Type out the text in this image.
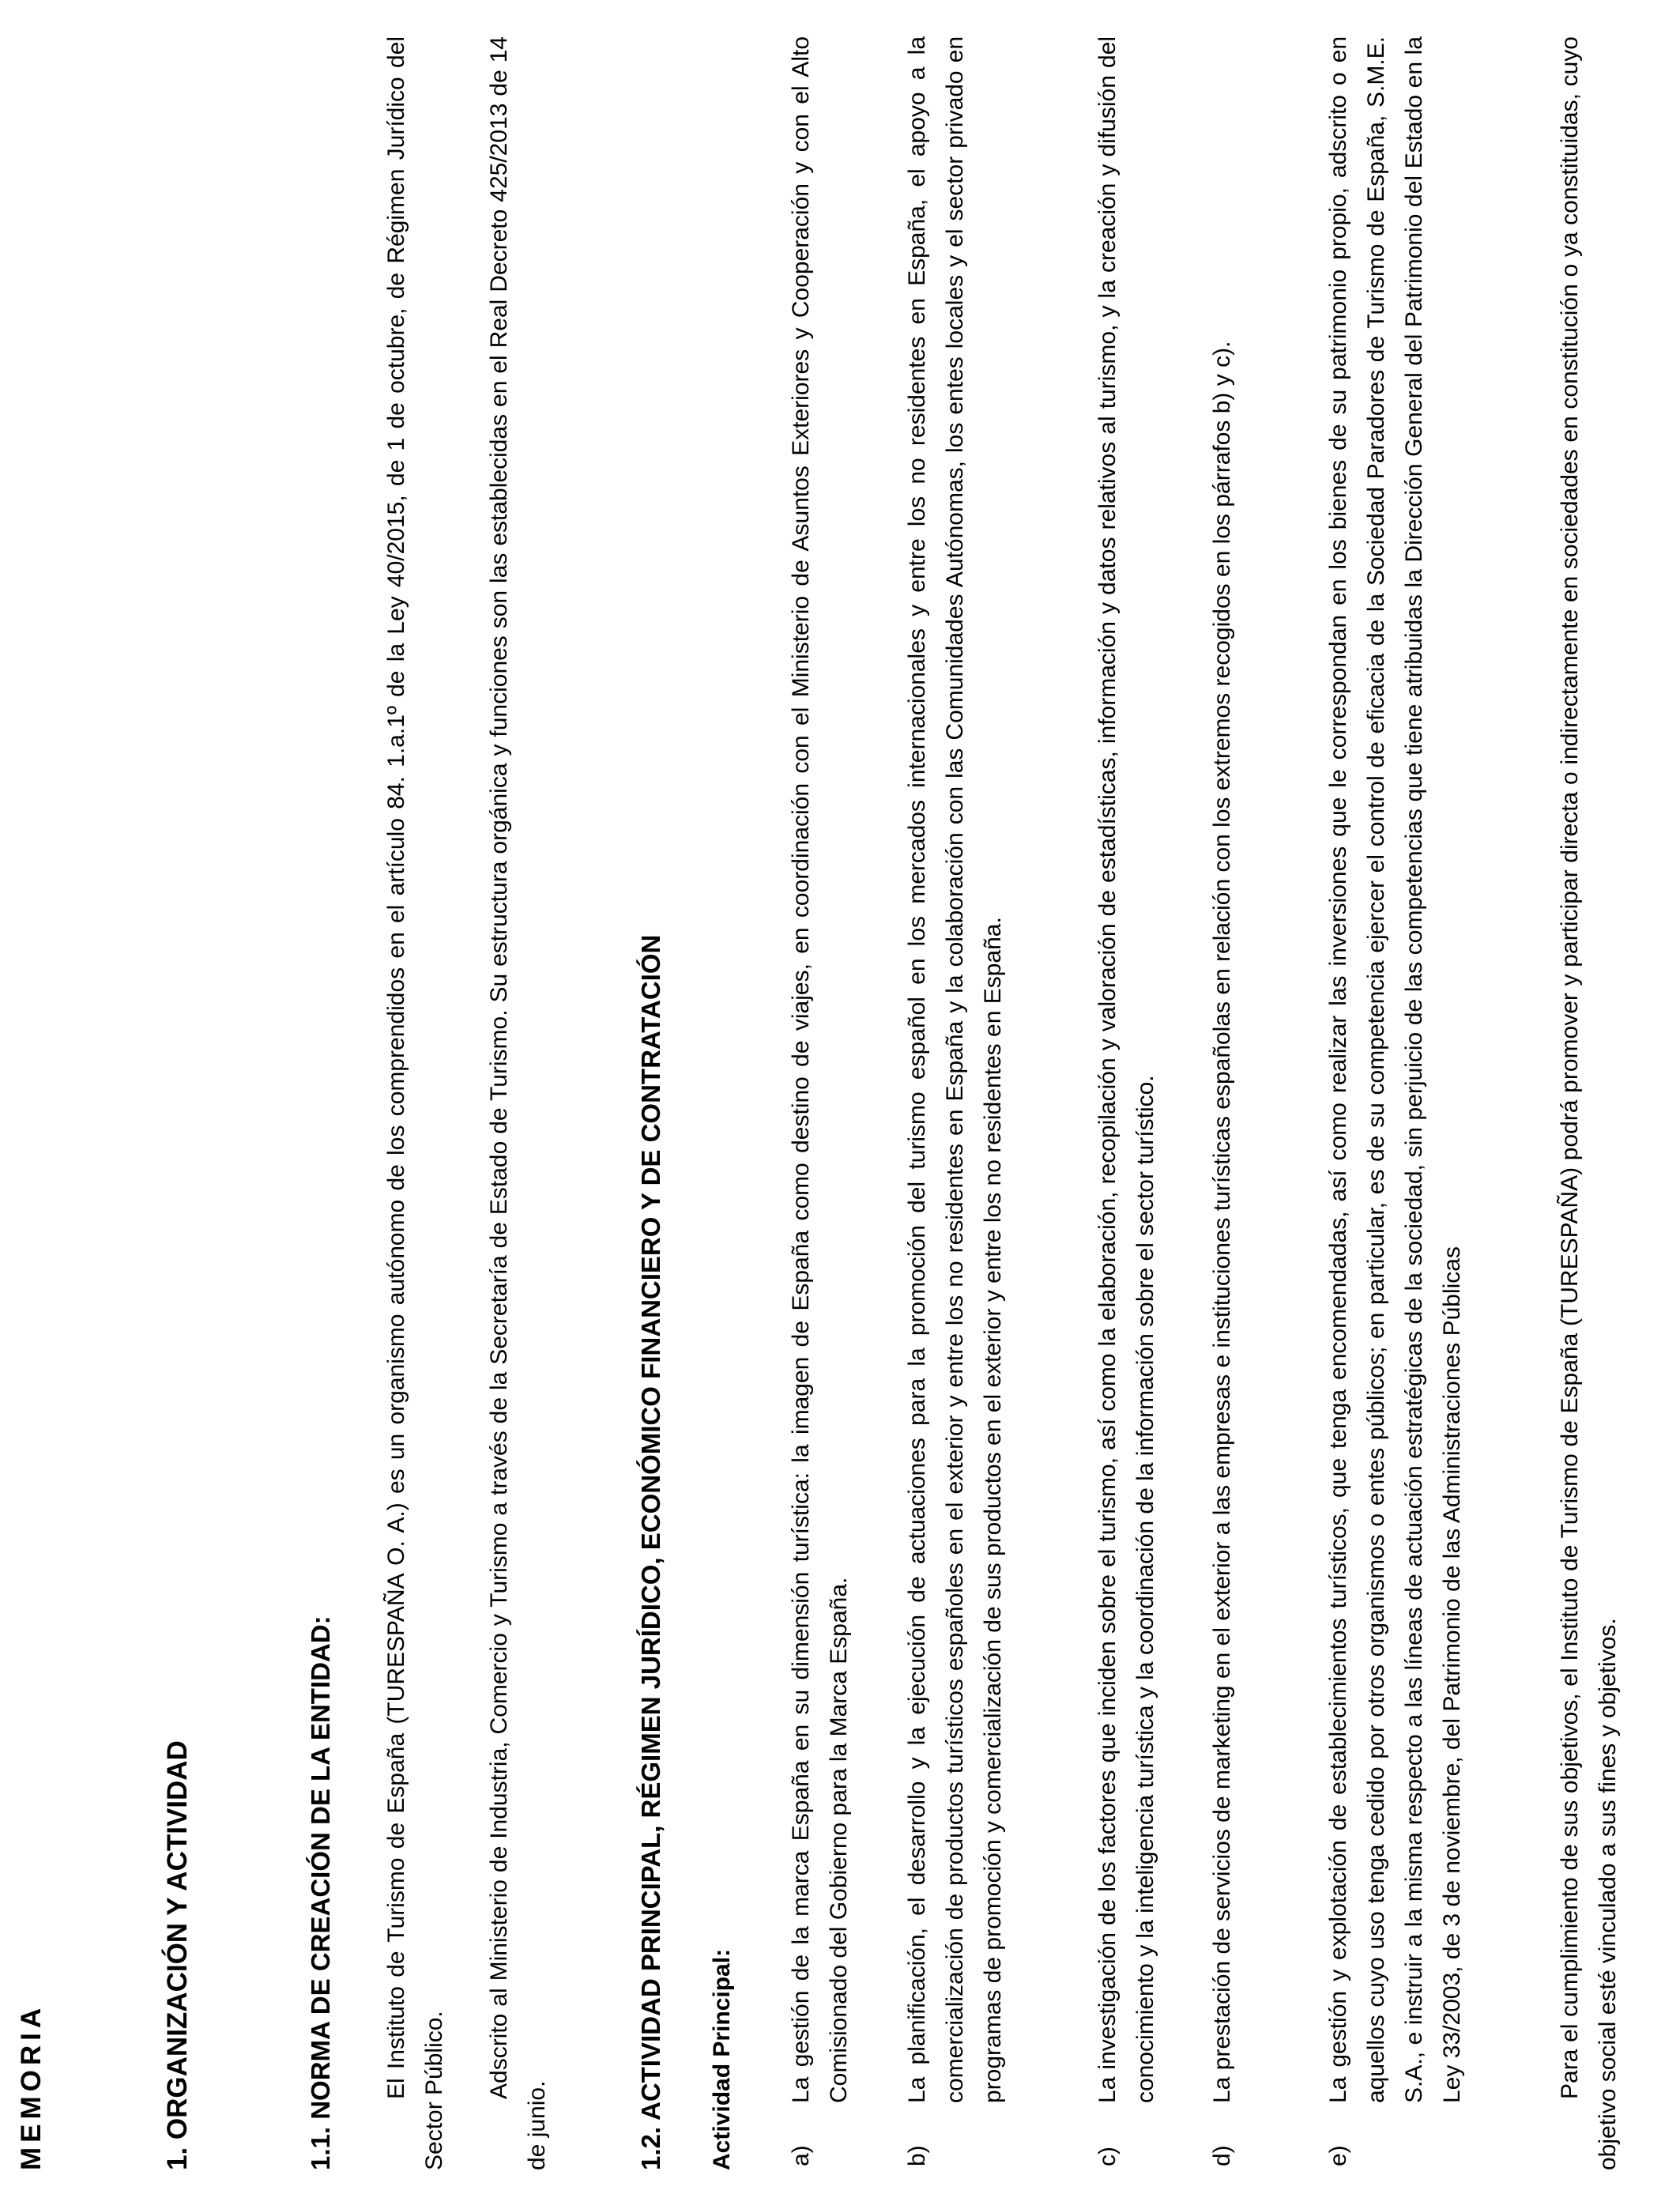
MEMORIA	1. ORGANIZACIÓN Y ACTIVIDAD	1.1. NORMA DE CREACIÓN DE LA ENTIDAD: El Instituto de Turismo de España (TURESPAÑA O. A.) es un organismo autónomo de los comprendidos en el artículo 84. 1.a.1º de la Ley 40/2015, de 1 de octubre, de Régimen Jurídico del Sector Público. Adscrito al Ministerio de Industria, Comercio y Turismo a través de la Secretaría de Estado de Turismo. Su estructura orgánica y funciones son las establecidas en el Real Decreto 425/2013 de 14 de junio.	1.2. ACTIVIDAD PRINCIPAL, RÉGIMEN JURÍDICO, ECONÓMICO FINANCIERO Y DE CONTRATACIÓN Actividad Principal: a)

La gestión de la marca España en su dimensión turística: la imagen de España como destino de viajes, en coordinación con el Ministerio de Asuntos Exteriores y Cooperación y con el Alto Comisionado del Gobierno para la Marca España.

b)

La planificación, el desarrollo y la ejecución de actuaciones para la promoción del turismo español en los mercados internacionales y entre los no residentes en España, el apoyo a la comercialización de productos turísticos españoles en el exterior y entre los no residentes en España y la colaboración con las Comunidades Autónomas, los entes locales y el sector privado en programas de promoción y comercialización de sus productos en el exterior y entre los no residentes en España.

c)

La investigación de los factores que inciden sobre el turismo, así como la elaboración, recopilación y valoración de estadísticas, información y datos relativos al turismo, y la creación y difusión del conocimiento y la inteligencia turística y la coordinación de la información sobre el sector turístico.

d)

La prestación de servicios de marketing en el exterior a las empresas e instituciones turísticas españolas en relación con los extremos recogidos en los párrafos b) y c).

e)

La gestión y explotación de establecimientos turísticos, que tenga encomendadas, así como realizar las inversiones que le correspondan en los bienes de su patrimonio propio, adscrito o en aquellos cuyo uso tenga cedido por otros organismos o entes públicos; en particular, es de su competencia ejercer el control de eficacia de la Sociedad Paradores de Turismo de España, S.M.E. S.A., e instruir a la misma respecto a las líneas de actuación estratégicas de la sociedad, sin perjuicio de las competencias que tiene atribuidas la Dirección General del Patrimonio del Estado en la Ley 33/2003, de 3 de noviembre, del Patrimonio de las Administraciones Públicas	Para el cumplimiento de sus objetivos, el Instituto de Turismo de España (TURESPAÑA) podrá promover y participar directa o indirectamente en sociedades en constitución o ya constituidas, cuyo objetivo social esté vinculado a sus fines y objetivos.
